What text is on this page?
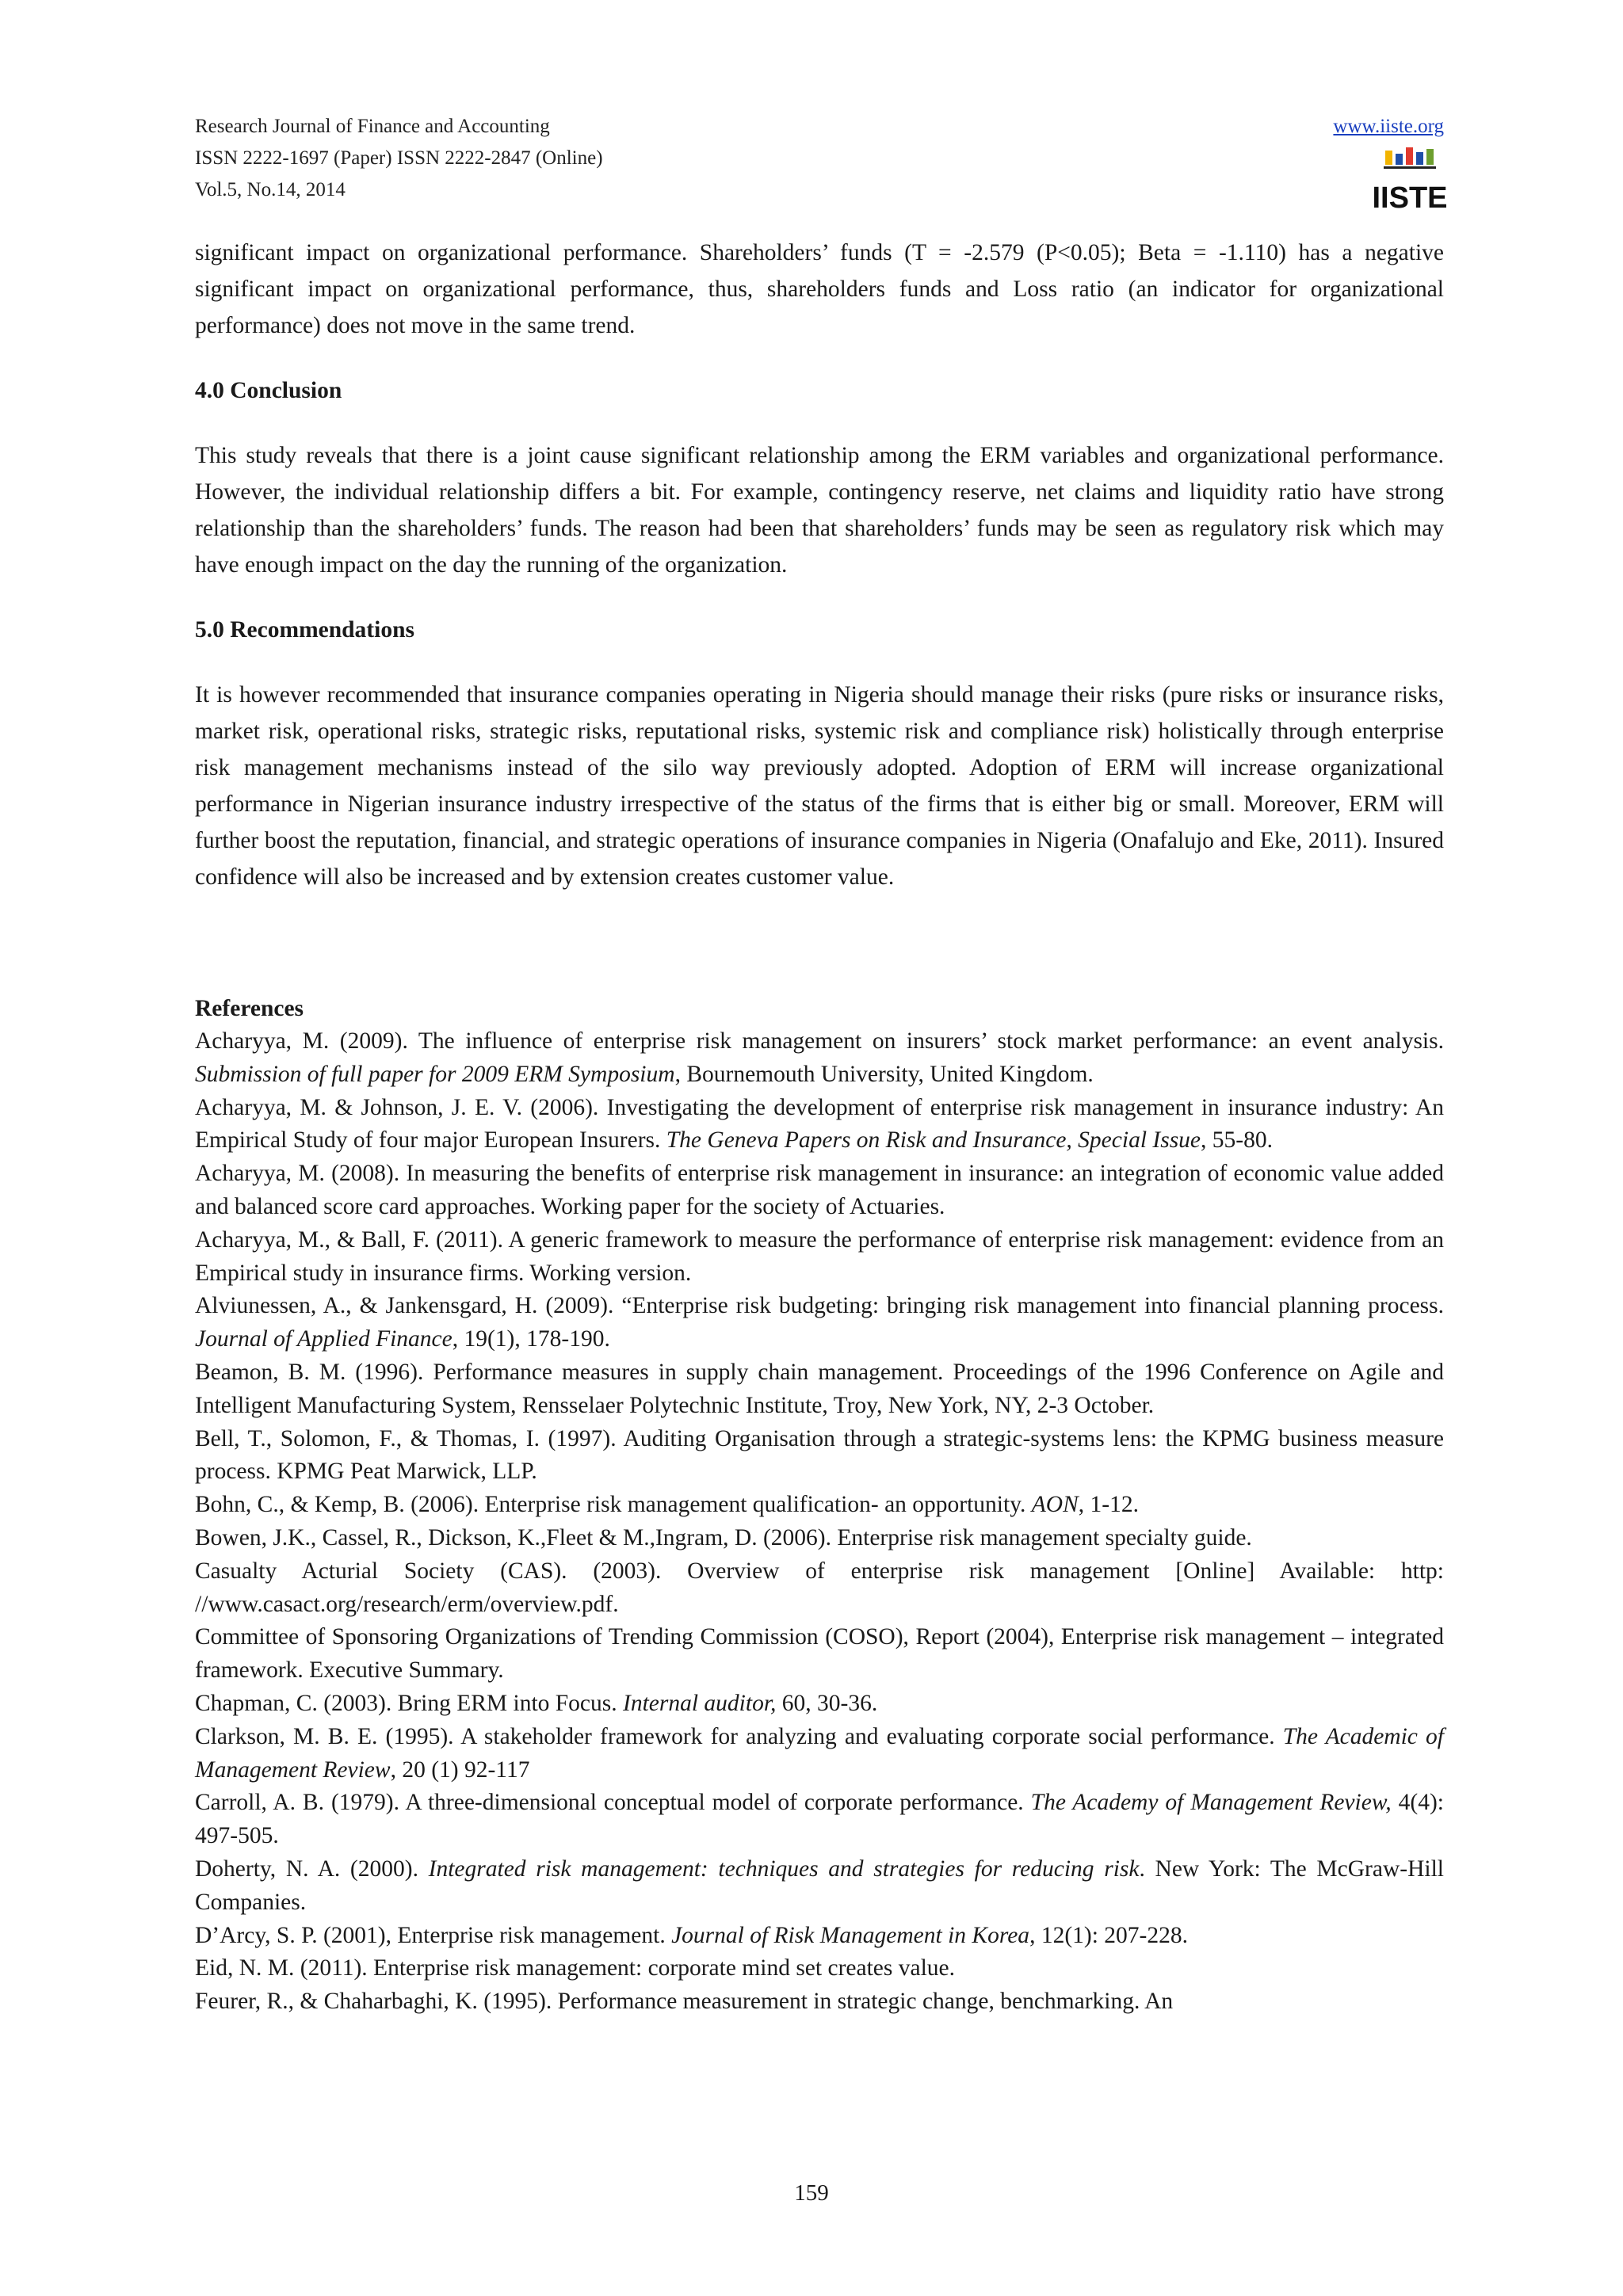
Research Journal of Finance and Accounting
ISSN 2222-1697 (Paper) ISSN 2222-2847 (Online)
Vol.5, No.14, 2014
www.iiste.org
IISTE

significant impact on organizational performance. Shareholders’ funds (T = -2.579 (P<0.05); Beta = -1.110) has a negative significant impact on organizational performance, thus, shareholders funds and Loss ratio (an indicator for organizational performance) does not move in the same trend.

4.0 Conclusion

This study reveals that there is a joint cause significant relationship among the ERM variables and organizational performance. However, the individual relationship differs a bit. For example, contingency reserve, net claims and liquidity ratio have strong relationship than the shareholders’ funds. The reason had been that shareholders’ funds may be seen as regulatory risk which may have enough impact on the day the running of the organization.

5.0 Recommendations

It is however recommended that insurance companies operating in Nigeria should manage their risks (pure risks or insurance risks, market risk, operational risks, strategic risks, reputational risks, systemic risk and compliance risk) holistically through enterprise risk management mechanisms instead of the silo way previously adopted. Adoption of ERM will increase organizational performance in Nigerian insurance industry irrespective of the status of the firms that is either big or small. Moreover, ERM will further boost the reputation, financial, and strategic operations of insurance companies in Nigeria (Onafalujo and Eke, 2011). Insured confidence will also be increased and by extension creates customer value.

References

Acharyya, M. (2009). The influence of enterprise risk management on insurers’ stock market performance: an event analysis. Submission of full paper for 2009 ERM Symposium, Bournemouth University, United Kingdom.

Acharyya, M. & Johnson, J. E. V. (2006). Investigating the development of enterprise risk management in insurance industry: An Empirical Study of four major European Insurers. The Geneva Papers on Risk and Insurance, Special Issue, 55-80.

Acharyya, M. (2008). In measuring the benefits of enterprise risk management in insurance: an integration of economic value added and balanced score card approaches. Working paper for the society of Actuaries.

Acharyya, M., & Ball, F. (2011). A generic framework to measure the performance of enterprise risk management: evidence from an Empirical study in insurance firms. Working version.

Alviunessen, A., & Jankensgard, H. (2009). “Enterprise risk budgeting: bringing risk management into financial planning process. Journal of Applied Finance, 19(1), 178-190.

Beamon, B. M. (1996). Performance measures in supply chain management. Proceedings of the 1996 Conference on Agile and Intelligent Manufacturing System, Rensselaer Polytechnic Institute, Troy, New York, NY, 2-3 October.

Bell, T., Solomon, F., & Thomas, I. (1997). Auditing Organisation through a strategic-systems lens: the KPMG business measure process. KPMG Peat Marwick, LLP.

Bohn, C., & Kemp, B. (2006). Enterprise risk management qualification- an opportunity. AON, 1-12.

Bowen, J.K., Cassel, R., Dickson, K.,Fleet & M.,Ingram, D. (2006). Enterprise risk management specialty guide.

Casualty Acturial Society (CAS). (2003). Overview of enterprise risk management [Online] Available: http: //www.casact.org/research/erm/overview.pdf.

Committee of Sponsoring Organizations of Trending Commission (COSO), Report (2004), Enterprise risk management – integrated framework. Executive Summary.

Chapman, C. (2003). Bring ERM into Focus. Internal auditor, 60, 30-36.

Clarkson, M. B. E. (1995). A stakeholder framework for analyzing and evaluating corporate social performance. The Academic of Management Review, 20 (1) 92-117

Carroll, A. B. (1979). A three-dimensional conceptual model of corporate performance. The Academy of Management Review, 4(4): 497-505.

Doherty, N. A. (2000). Integrated risk management: techniques and strategies for reducing risk. New York: The McGraw-Hill Companies.

D’Arcy, S. P. (2001), Enterprise risk management. Journal of Risk Management in Korea, 12(1): 207-228.

Eid, N. M. (2011). Enterprise risk management: corporate mind set creates value.

Feurer, R., & Chaharbaghi, K. (1995). Performance measurement in strategic change, benchmarking. An

159
